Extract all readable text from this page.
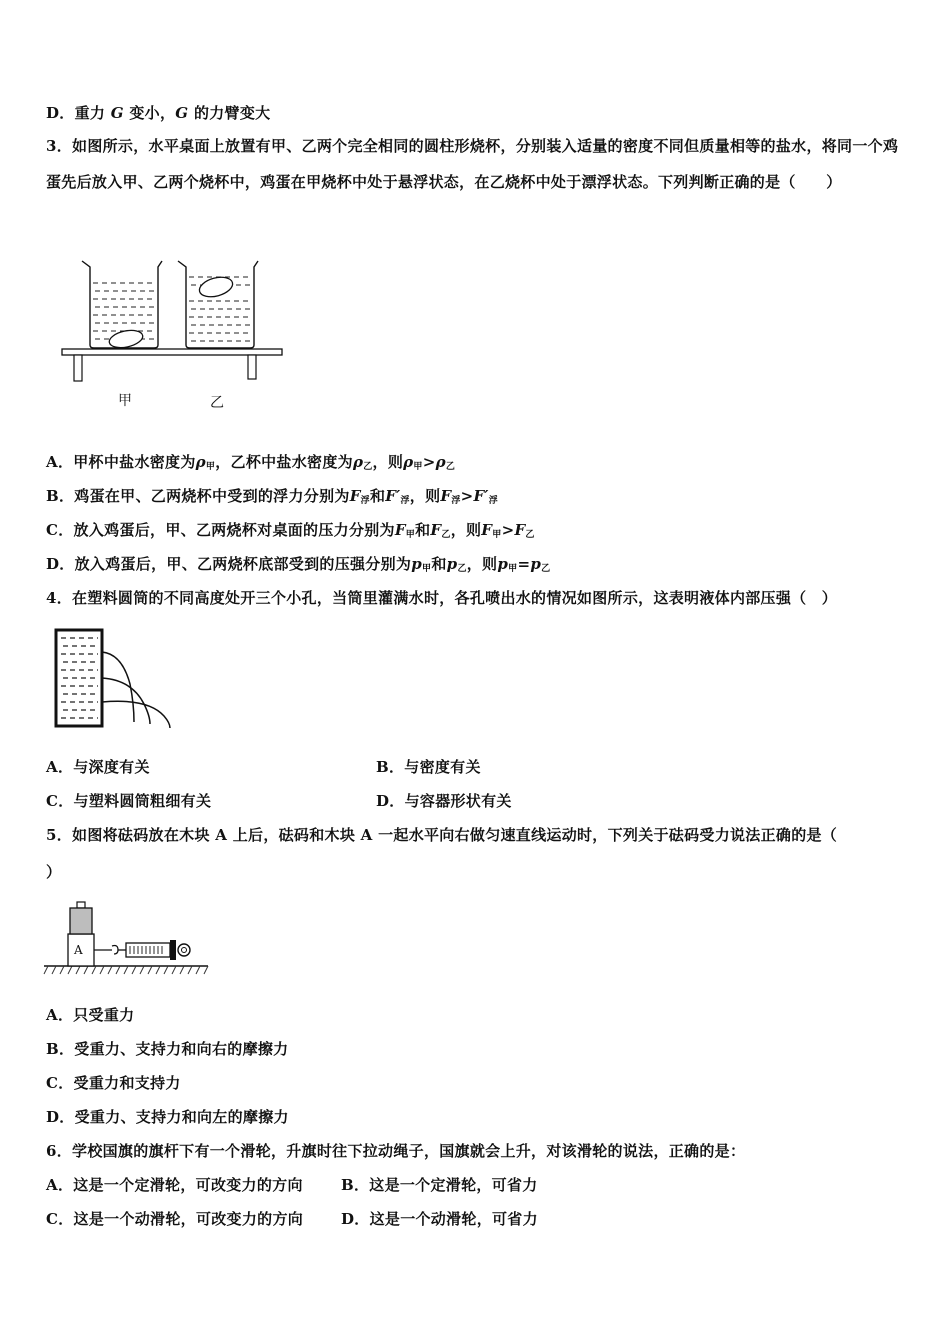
D．重力 G 变小，G 的力臂变大
3．如图所示，水平桌面上放置有甲、乙两个完全相同的圆柱形烧杯，分别装入适量的密度不同但质量相等的盐水，将同一个鸡蛋先后放入甲、乙两个烧杯中，鸡蛋在甲烧杯中处于悬浮状态，在乙烧杯中处于漂浮状态。下列判断正确的是（　　）
甲	乙
A．甲杯中盐水密度为$\rho_甲$，乙杯中盐水密度为$\rho_乙$，则$\rho_甲>\rho_乙$
B．鸡蛋在甲、乙两烧杯中受到的浮力分别为$F_浮$和$F'_浮$，则$F_浮>F'_浮$
C．放入鸡蛋后，甲、乙两烧杯对桌面的压力分别为$F_甲$和$F_乙$，则$F_甲>F_乙$
D．放入鸡蛋后，甲、乙两烧杯底部受到的压强分别为$p_甲$和$p_乙$，则$p_甲=p_乙$
4．在塑料圆筒的不同高度处开三个小孔，当筒里灌满水时，各孔喷出水的情况如图所示，这表明液体内部压强（　）
A．与深度有关	B．与密度有关
C．与塑料圆筒粗细有关	D．与容器形状有关
5．如图将砝码放在木块 A 上后，砝码和木块 A 一起水平向右做匀速直线运动时，下列关于砝码受力说法正确的是（
）
A
A．只受重力
B．受重力、支持力和向右的摩擦力
C．受重力和支持力
D．受重力、支持力和向左的摩擦力
6．学校国旗的旗杆下有一个滑轮，升旗时往下拉动绳子，国旗就会上升，对该滑轮的说法，正确的是：
A．这是一个定滑轮，可改变力的方向	B．这是一个定滑轮，可省力
C．这是一个动滑轮，可改变力的方向	D．这是一个动滑轮，可省力
